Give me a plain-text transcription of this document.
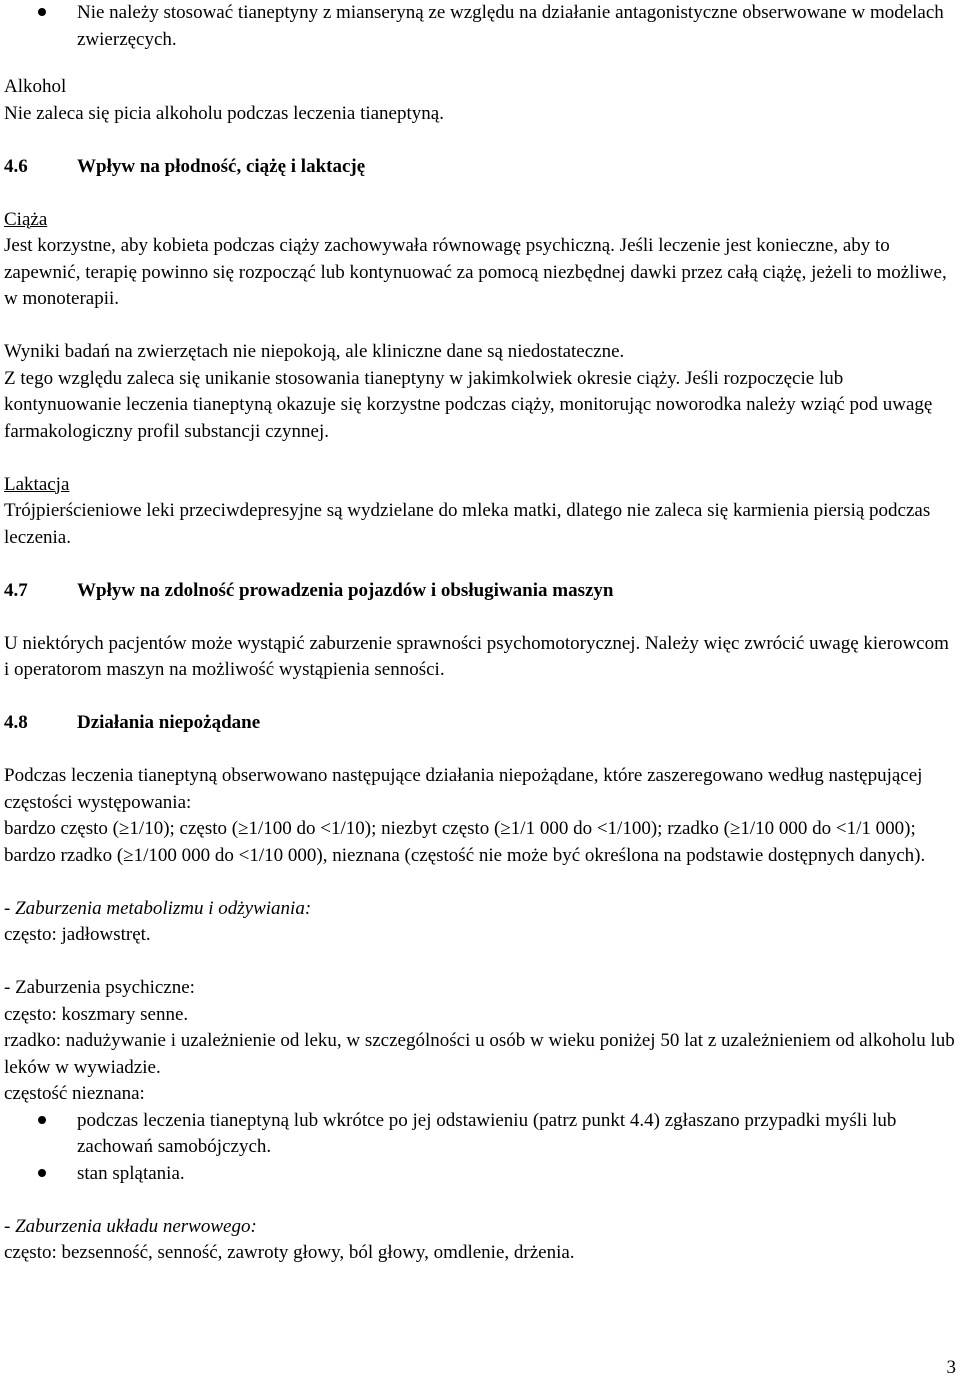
Nie należy stosować tianeptyny z mianseryną ze względu na działanie antagonistyczne obserwowane w modelach zwierzęcych.

Alkohol

Nie zaleca się picia alkoholu podczas leczenia tianeptyną.

4.6	Wpływ na płodność, ciążę i laktację

Ciąża

Jest korzystne, aby kobieta podczas ciąży zachowywała równowagę psychiczną. Jeśli leczenie jest konieczne, aby to zapewnić, terapię powinno się rozpocząć lub kontynuować za pomocą niezbędnej dawki przez całą ciążę, jeżeli to możliwe, w monoterapii.

Wyniki badań na zwierzętach nie niepokoją, ale kliniczne dane są niedostateczne.

Z tego względu zaleca się unikanie stosowania tianeptyny w jakimkolwiek okresie ciąży. Jeśli rozpoczęcie lub kontynuowanie leczenia tianeptyną okazuje się korzystne podczas ciąży, monitorując noworodka należy wziąć pod uwagę farmakologiczny profil substancji czynnej.

Laktacja

Trójpierścieniowe leki przeciwdepresyjne są wydzielane do mleka matki, dlatego nie zaleca się karmienia piersią podczas leczenia.

4.7	Wpływ na zdolność prowadzenia pojazdów i obsługiwania maszyn

U niektórych pacjentów może wystąpić zaburzenie sprawności psychomotorycznej. Należy więc zwrócić uwagę kierowcom i operatorom maszyn na możliwość wystąpienia senności.

4.8	Działania niepożądane

Podczas leczenia tianeptyną obserwowano następujące działania niepożądane, które zaszeregowano według następującej częstości występowania:

bardzo często (≥1/10); często (≥1/100 do <1/10); niezbyt często (≥1/1 000 do <1/100); rzadko (≥1/10 000 do <1/1 000); bardzo rzadko (≥1/100 000 do <1/10 000), nieznana (częstość nie może być określona na podstawie dostępnych danych).

- Zaburzenia metabolizmu i odżywiania:

często: jadłowstręt.

- Zaburzenia psychiczne:

często: koszmary senne.

rzadko: nadużywanie i uzależnienie od leku, w szczególności u osób w wieku poniżej 50 lat z uzależnieniem od alkoholu lub leków w wywiadzie.

częstość nieznana:

podczas leczenia tianeptyną lub wkrótce po jej odstawieniu (patrz punkt 4.4) zgłaszano przypadki myśli lub zachowań samobójczych.
stan splątania.

- Zaburzenia układu nerwowego:

często: bezsenność, senność, zawroty głowy, ból głowy, omdlenie, drżenia.

3
